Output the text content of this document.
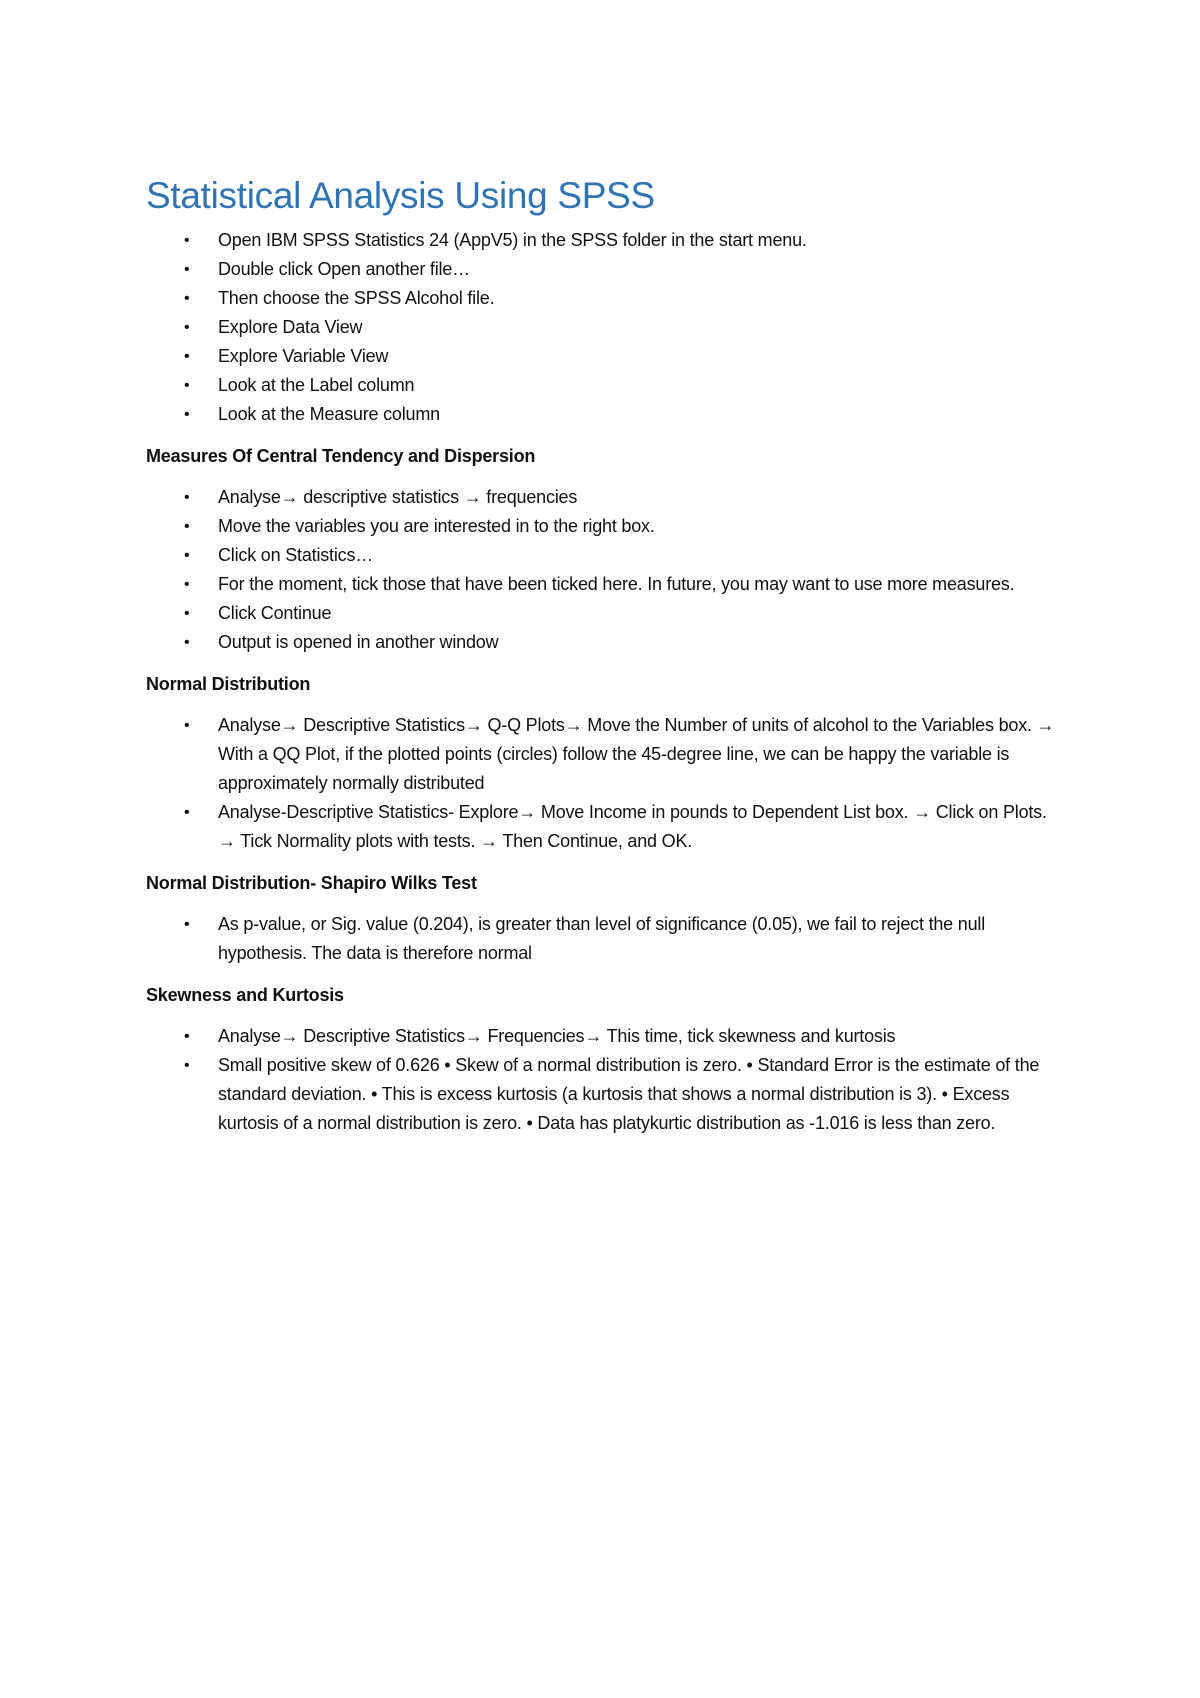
Statistical Analysis Using SPSS
• Open IBM SPSS Statistics 24 (AppV5) in the SPSS folder in the start menu.
• Double click Open another file…
• Then choose the SPSS Alcohol file.
• Explore Data View
• Explore Variable View
• Look at the Label column
• Look at the Measure column
Measures Of Central Tendency and Dispersion
• Analyse→ descriptive statistics → frequencies
• Move the variables you are interested in to the right box.
• Click on Statistics…
• For the moment, tick those that have been ticked here. In future, you may want to use more measures.
• Click Continue
• Output is opened in another window
Normal Distribution
• Analyse→ Descriptive Statistics→ Q-Q Plots→ Move the Number of units of alcohol to the Variables box. → With a QQ Plot, if the plotted points (circles) follow the 45-degree line, we can be happy the variable is approximately normally distributed
• Analyse-Descriptive Statistics- Explore→ Move Income in pounds to Dependent List box. → Click on Plots. → Tick Normality plots with tests. → Then Continue, and OK.
Normal Distribution- Shapiro Wilks Test
• As p-value, or Sig. value (0.204), is greater than level of significance (0.05), we fail to reject the null hypothesis. The data is therefore normal
Skewness and Kurtosis
• Analyse→ Descriptive Statistics→ Frequencies→ This time, tick skewness and kurtosis
• Small positive skew of 0.626 • Skew of a normal distribution is zero. • Standard Error is the estimate of the standard deviation. • This is excess kurtosis (a kurtosis that shows a normal distribution is 3). • Excess kurtosis of a normal distribution is zero. • Data has platykurtic distribution as -1.016 is less than zero.
